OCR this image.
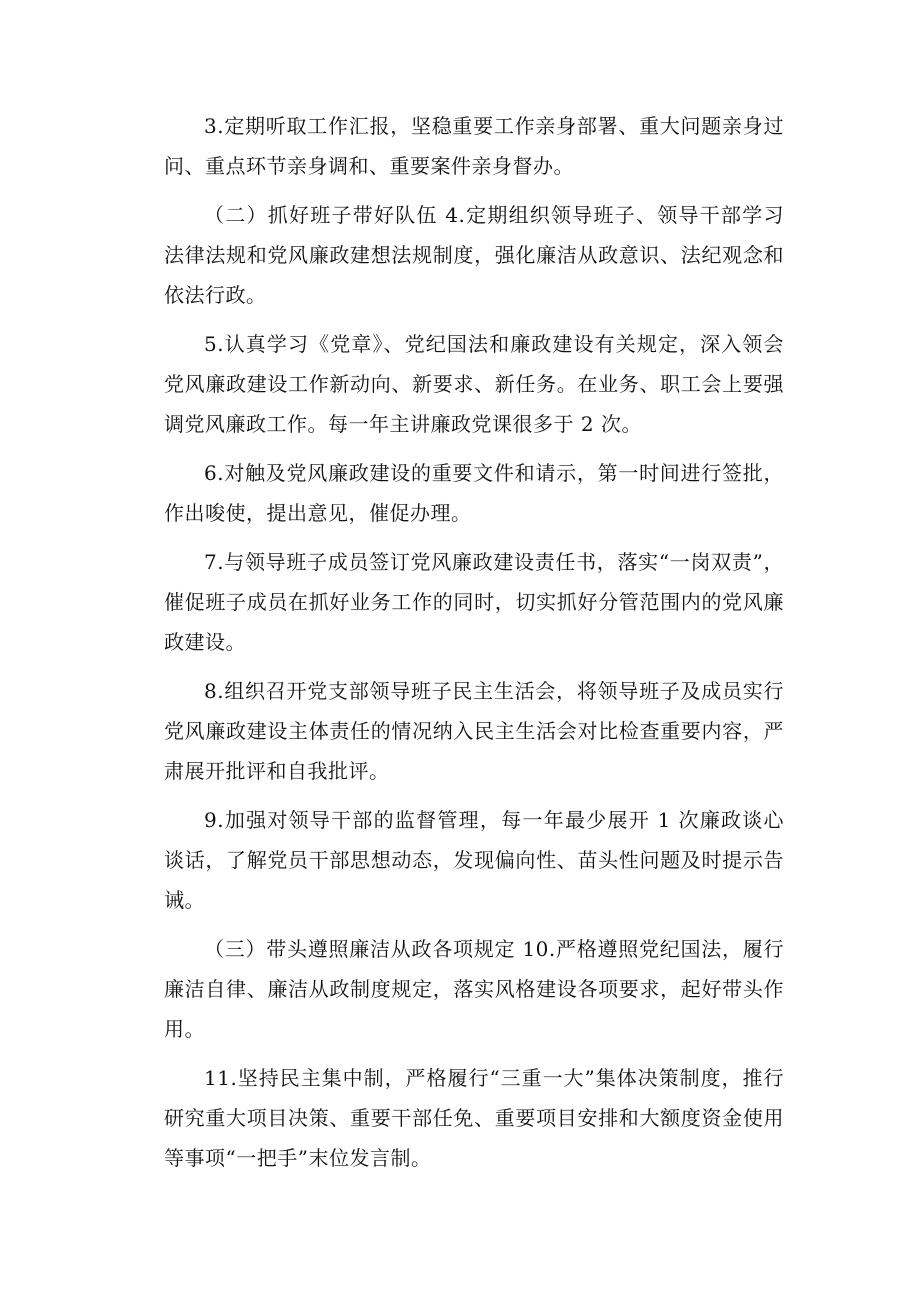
3.定期听取工作汇报，坚稳重要工作亲身部署、重大问题亲身过问、重点环节亲身调和、重要案件亲身督办。

（二）抓好班子带好队伍 4.定期组织领导班子、领导干部学习法律法规和党风廉政建想法规制度，强化廉洁从政意识、法纪观念和依法行政。

5.认真学习《党章》、党纪国法和廉政建设有关规定，深入领会党风廉政建设工作新动向、新要求、新任务。在业务、职工会上要强调党风廉政工作。每一年主讲廉政党课很多于 2 次。

6.对触及党风廉政建设的重要文件和请示，第一时间进行签批，作出唆使，提出意见，催促办理。

7.与领导班子成员签订党风廉政建设责任书，落实“一岗双责”，催促班子成员在抓好业务工作的同时，切实抓好分管范围内的党风廉政建设。

8.组织召开党支部领导班子民主生活会，将领导班子及成员实行党风廉政建设主体责任的情况纳入民主生活会对比检查重要内容，严肃展开批评和自我批评。

9.加强对领导干部的监督管理，每一年最少展开 1 次廉政谈心谈话，了解党员干部思想动态，发现偏向性、苗头性问题及时提示告诫。

（三）带头遵照廉洁从政各项规定 10.严格遵照党纪国法，履行廉洁自律、廉洁从政制度规定，落实风格建设各项要求，起好带头作用。

11.坚持民主集中制，严格履行“三重一大”集体决策制度，推行研究重大项目决策、重要干部任免、重要项目安排和大额度资金使用等事项“一把手”末位发言制。
